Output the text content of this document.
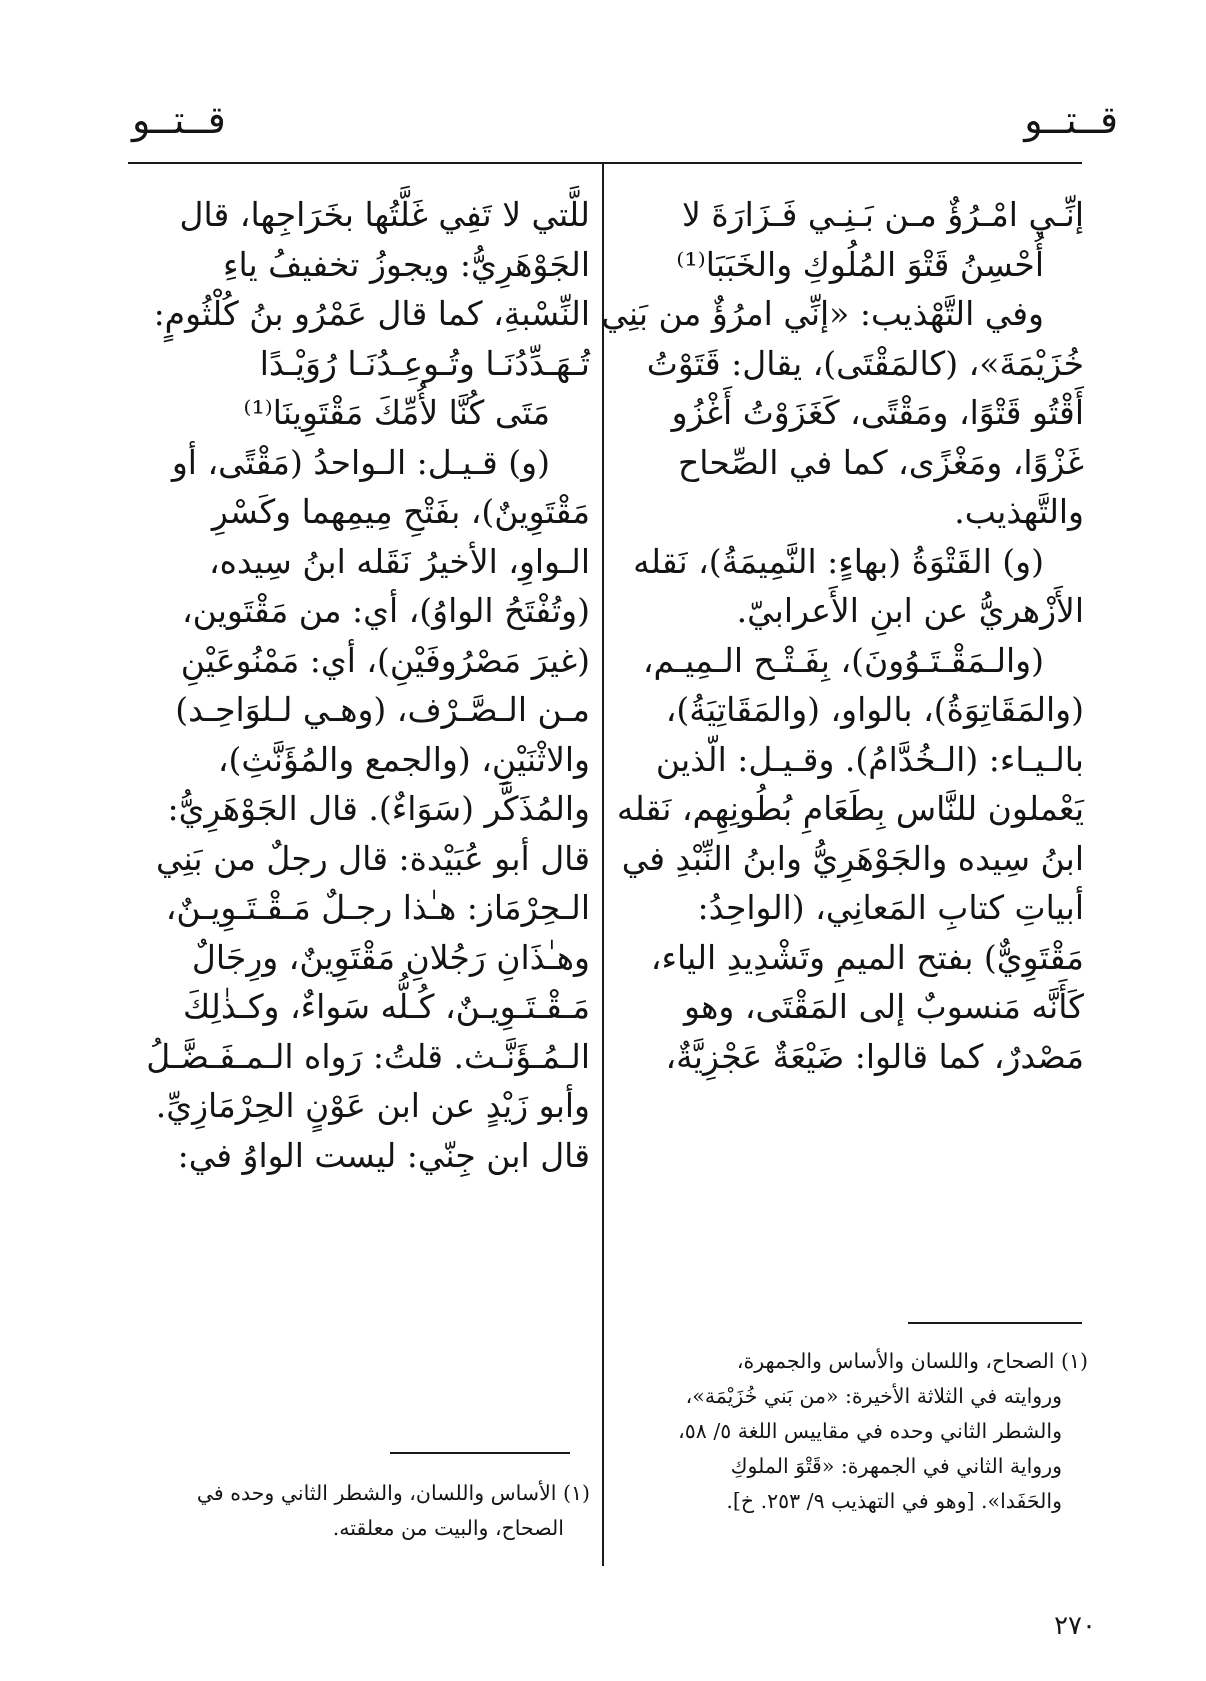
قــتــو
قــتــو
إنِّـي امْـرُؤٌ مـن بَـنِـي فَـزَارَةَ لا
أُحْسِنُ قَتْوَ المُلُوكِ والخَبَبَا⁽¹⁾
وفي التَّهْذيب: «إنِّي امرُؤٌ من بَنِي
خُزَيْمَةَ»، (كالمَقْتَى)، يقال: قَتَوْتُ
أَقْتُو قَتْوًا، ومَقْتًى، كَغَزَوْتُ أَغْزُو
غَزْوًا، ومَغْزًى، كما في الصِّحاح
والتَّهذيب.
(و) القَتْوَةُ (بهاءٍ: النَّمِيمَةُ)، نَقله
الأَزْهريُّ عن ابنِ الأَعرابيّ.
(والـمَقْـتَـوُونَ)، بِفَـتْـح الـمِيـم،
(والمَقَاتِوَةُ)، بالواو، (والمَقَاتِيَةُ)،
بالـيـاء: (الـخُدَّامُ). وقـيـل: الّذين
يَعْملون للنَّاس بِطَعَامِ بُطُونِهِم، نَقله
ابنُ سِيده والجَوْهَرِيُّ وابنُ النِّبْدِ في
أبياتِ كتابِ المَعانِي، (الواحِدُ:
مَقْتَوِيٌّ) بفتح الميمِ وتَشْدِيدِ الياء،
كَأَنَّه مَنسوبٌ إلى المَقْتَى، وهو
مَصْدرٌ، كما قالوا: ضَيْعَةٌ عَجْزِيَّةٌ،
(١) الصحاح، واللسان والأساس والجمهرة،
وروايته في الثلاثة الأخيرة: «من بَني خُزَيْمَة»،
والشطر الثاني وحده في مقاييس اللغة ٥/ ٥٨،
ورواية الثاني في الجمهرة: «قَتْوَ الملوكِ
والحَفَدا». [وهو في التهذيب ٩/ ٢٥٣. خ].
للَّتي لا تَفِي غَلَّتُها بخَرَاجِها، قال
الجَوْهَرِيُّ: ويجوزُ تخفيفُ ياءِ
النِّسْبةِ، كما قال عَمْرُو بنُ كُلْثُومٍ:
تُـهَـدِّدُنَـا وتُـوعِـدُنَـا رُوَيْـدًا
مَتَى كُنَّا لأُمِّكَ مَقْتَوِينَا⁽¹⁾
(و) قـيـل: الـواحدُ (مَقْتًى، أو
مَقْتَوِينٌ)، بفَتْحِ مِيمِهما وكَسْرِ
الـواوِ، الأخيرُ نَقَله ابنُ سِيده،
(وتُفْتَحُ الواوُ)، أي: من مَقْتَوين،
(غيرَ مَصْرُوفَيْنِ)، أي: مَمْنُوعَيْنِ
مـن الـصَّـرْف، (وهـي لـلوَاحِـد)
والاثْنَيْنِ، (والجمع والمُؤَنَّثِ)،
والمُذَكَّر (سَوَاءٌ). قال الجَوْهَرِيُّ:
قال أبو عُبَيْدة: قال رجلٌ من بَنِي
الـحِرْمَاز: هـٰذا رجـلٌ مَـقْـتَـوِيـنٌ،
وهـٰذَانِ رَجُلانِ مَقْتَوِينٌ، ورِجَالٌ
مَـقْـتَـوِيـنٌ، كُـلُّه سَواءٌ، وكـذٰلِكَ
الـمُـؤَنَّـث. قلتُ: رَواه الـمـفَـضَّـلُ
وأبو زَيْدٍ عن ابن عَوْنٍ الحِرْمَازِيِّ.
قال ابن جِنّي: ليست الواوُ في:
(١) الأساس واللسان، والشطر الثاني وحده في
الصحاح، والبيت من معلقته.
٢٧٠
